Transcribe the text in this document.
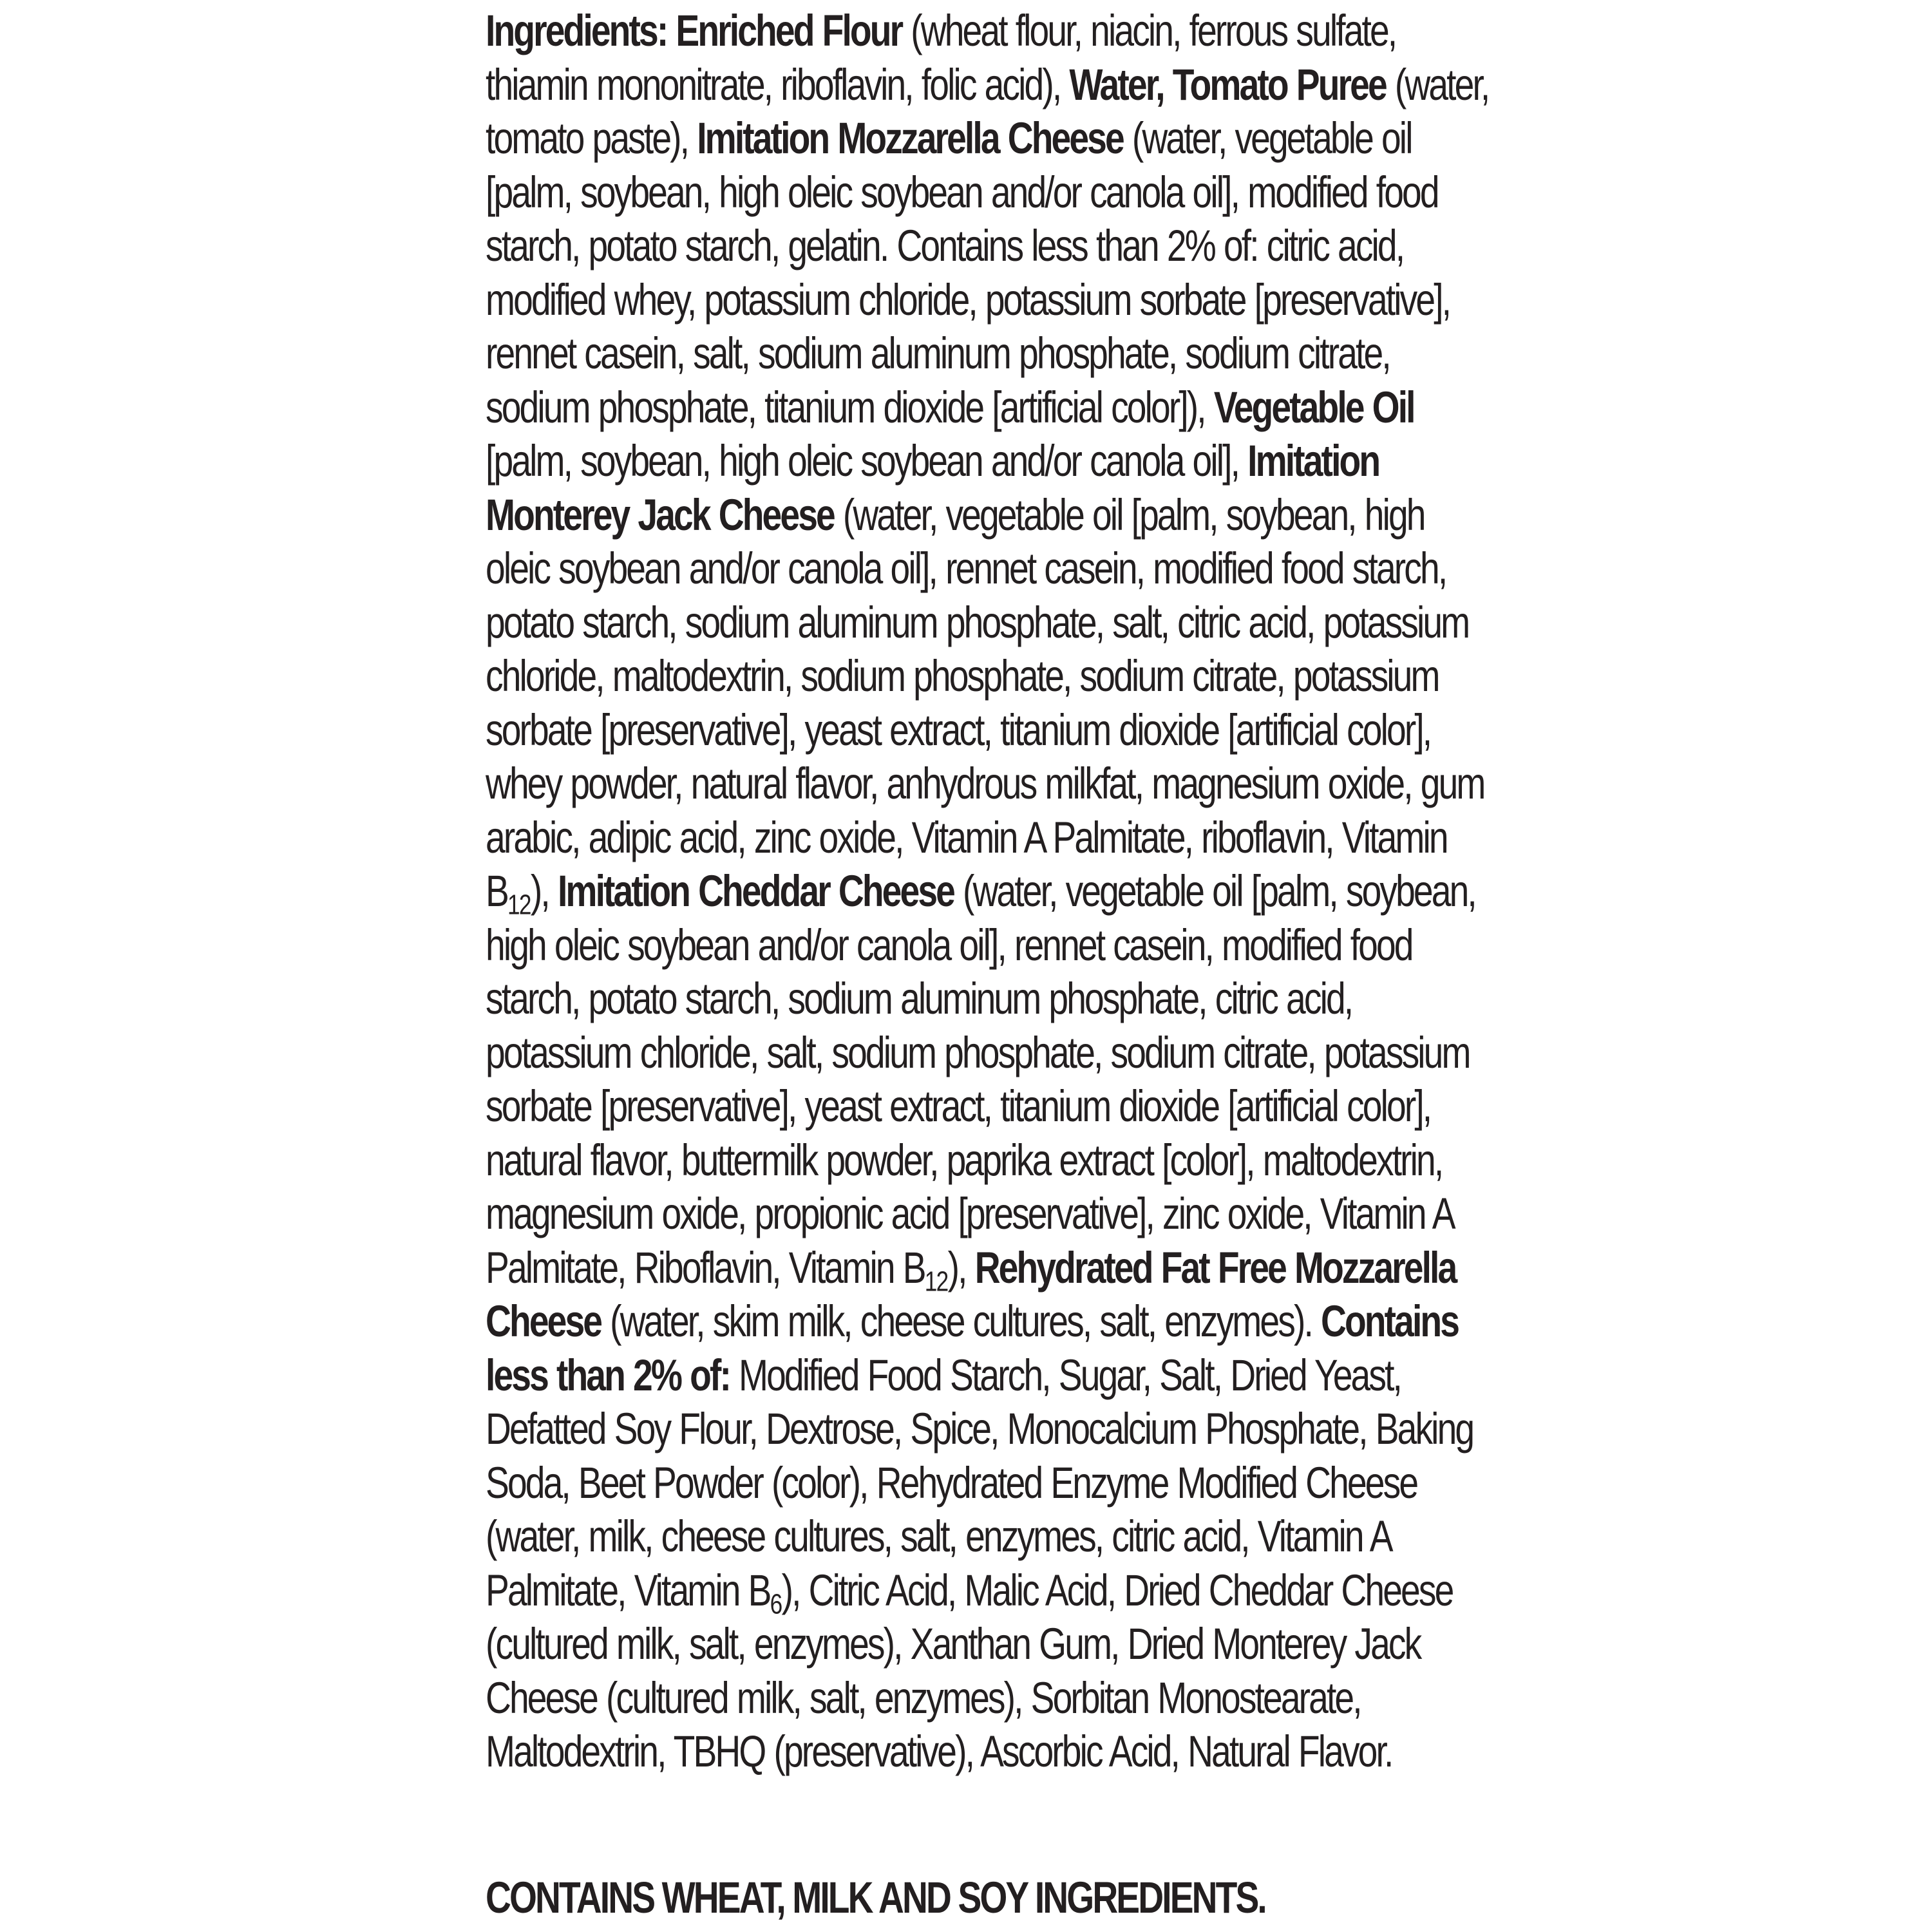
Ingredients: Enriched Flour (wheat flour, niacin, ferrous sulfate, thiamin mononitrate, riboflavin, folic acid), Water, Tomato Puree (water, tomato paste), Imitation Mozzarella Cheese (water, vegetable oil [palm, soybean, high oleic soybean and/or canola oil], modified food starch, potato starch, gelatin. Contains less than 2% of: citric acid, modified whey, potassium chloride, potassium sorbate [preservative], rennet casein, salt, sodium aluminum phosphate, sodium citrate, sodium phosphate, titanium dioxide [artificial color]), Vegetable Oil [palm, soybean, high oleic soybean and/or canola oil], Imitation Monterey Jack Cheese (water, vegetable oil [palm, soybean, high oleic soybean and/or canola oil], rennet casein, modified food starch, potato starch, sodium aluminum phosphate, salt, citric acid, potassium chloride, maltodextrin, sodium phosphate, sodium citrate, potassium sorbate [preservative], yeast extract, titanium dioxide [artificial color], whey powder, natural flavor, anhydrous milkfat, magnesium oxide, gum arabic, adipic acid, zinc oxide, Vitamin A Palmitate, riboflavin, Vitamin $B_{12}$), Imitation Cheddar Cheese (water, vegetable oil [palm, soybean, high oleic soybean and/or canola oil], rennet casein, modified food starch, potato starch, sodium aluminum phosphate, citric acid, potassium chloride, salt, sodium phosphate, sodium citrate, potassium sorbate [preservative], yeast extract, titanium dioxide [artificial color], natural flavor, buttermilk powder, paprika extract [color], maltodextrin, magnesium oxide, propionic acid [preservative], zinc oxide, Vitamin A Palmitate, Riboflavin, Vitamin $B_{12}$), Rehydrated Fat Free Mozzarella Cheese (water, skim milk, cheese cultures, salt, enzymes). Contains less than 2% of: Modified Food Starch, Sugar, Salt, Dried Yeast, Defatted Soy Flour, Dextrose, Spice, Monocalcium Phosphate, Baking Soda, Beet Powder (color), Rehydrated Enzyme Modified Cheese (water, milk, cheese cultures, salt, enzymes, citric acid, Vitamin A Palmitate, Vitamin $B_6$), Citric Acid, Malic Acid, Dried Cheddar Cheese (cultured milk, salt, enzymes), Xanthan Gum, Dried Monterey Jack Cheese (cultured milk, salt, enzymes), Sorbitan Monostearate, Maltodextrin, TBHQ (preservative), Ascorbic Acid, Natural Flavor.

CONTAINS WHEAT, MILK AND SOY INGREDIENTS.
